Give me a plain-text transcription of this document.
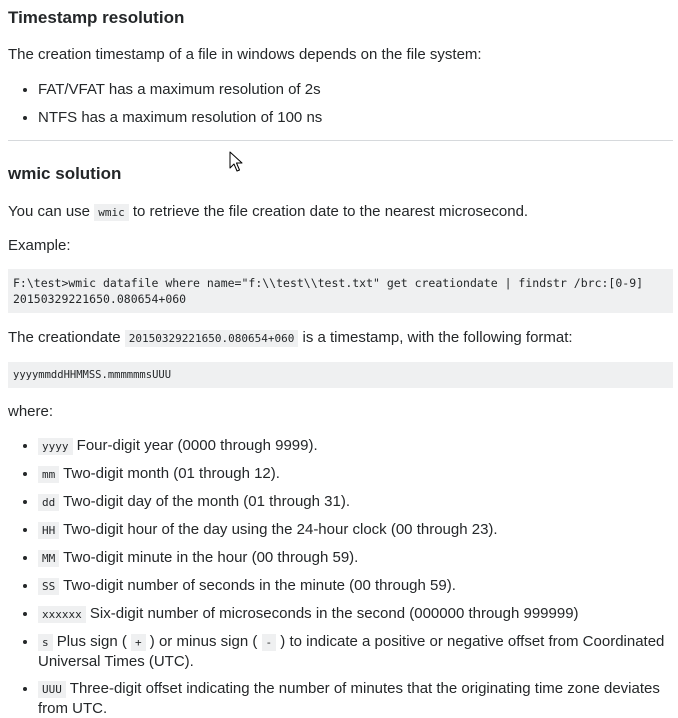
Timestamp resolution

The creation timestamp of a file in windows depends on the file system:

• FAT/VFAT has a maximum resolution of 2s
• NTFS has a maximum resolution of 100 ns
wmic solution

You can use wmic to retrieve the file creation date to the nearest microsecond.

Example:

F:\test>wmic datafile where name="f:\\test\\test.txt" get creationdate | findstr /brc:[0-9]
20150329221650.080654+060

The creationdate 20150329221650.080654+060 is a timestamp, with the following format:

yyyymmddHHMMSS.mmmmmmsUUU

where:

• yyyy Four-digit year (0000 through 9999).
• mm Two-digit month (01 through 12).
• dd Two-digit day of the month (01 through 31).
• HH Two-digit hour of the day using the 24-hour clock (00 through 23).
• MM Two-digit minute in the hour (00 through 59).
• SS Two-digit number of seconds in the minute (00 through 59).
• xxxxxx Six-digit number of microseconds in the second (000000 through 999999)
• s Plus sign ( + ) or minus sign ( - ) to indicate a positive or negative offset from Coordinated Universal Times (UTC).
• UUU Three-digit offset indicating the number of minutes that the originating time zone deviates from UTC.
